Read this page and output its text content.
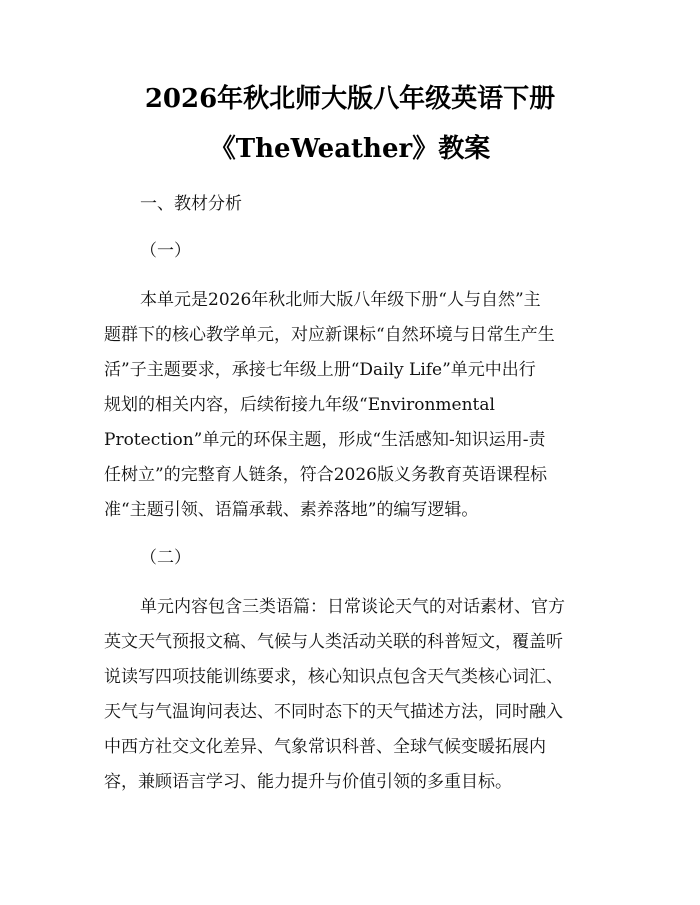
2026年秋北师大版八年级英语下册
《TheWeather》教案
一、教材分析
（一）
本单元是2026年秋北师大版八年级下册“人与自然”主
题群下的核心教学单元，对应新课标“自然环境与日常生产生
活”子主题要求，承接七年级上册“Daily Life”单元中出行
规划的相关内容，后续衔接九年级“Environmental
Protection”单元的环保主题，形成“生活感知-知识运用-责
任树立”的完整育人链条，符合2026版义务教育英语课程标
准“主题引领、语篇承载、素养落地”的编写逻辑。
（二）
单元内容包含三类语篇：日常谈论天气的对话素材、官方
英文天气预报文稿、气候与人类活动关联的科普短文，覆盖听
说读写四项技能训练要求，核心知识点包含天气类核心词汇、
天气与气温询问表达、不同时态下的天气描述方法，同时融入
中西方社交文化差异、气象常识科普、全球气候变暖拓展内
容，兼顾语言学习、能力提升与价值引领的多重目标。
